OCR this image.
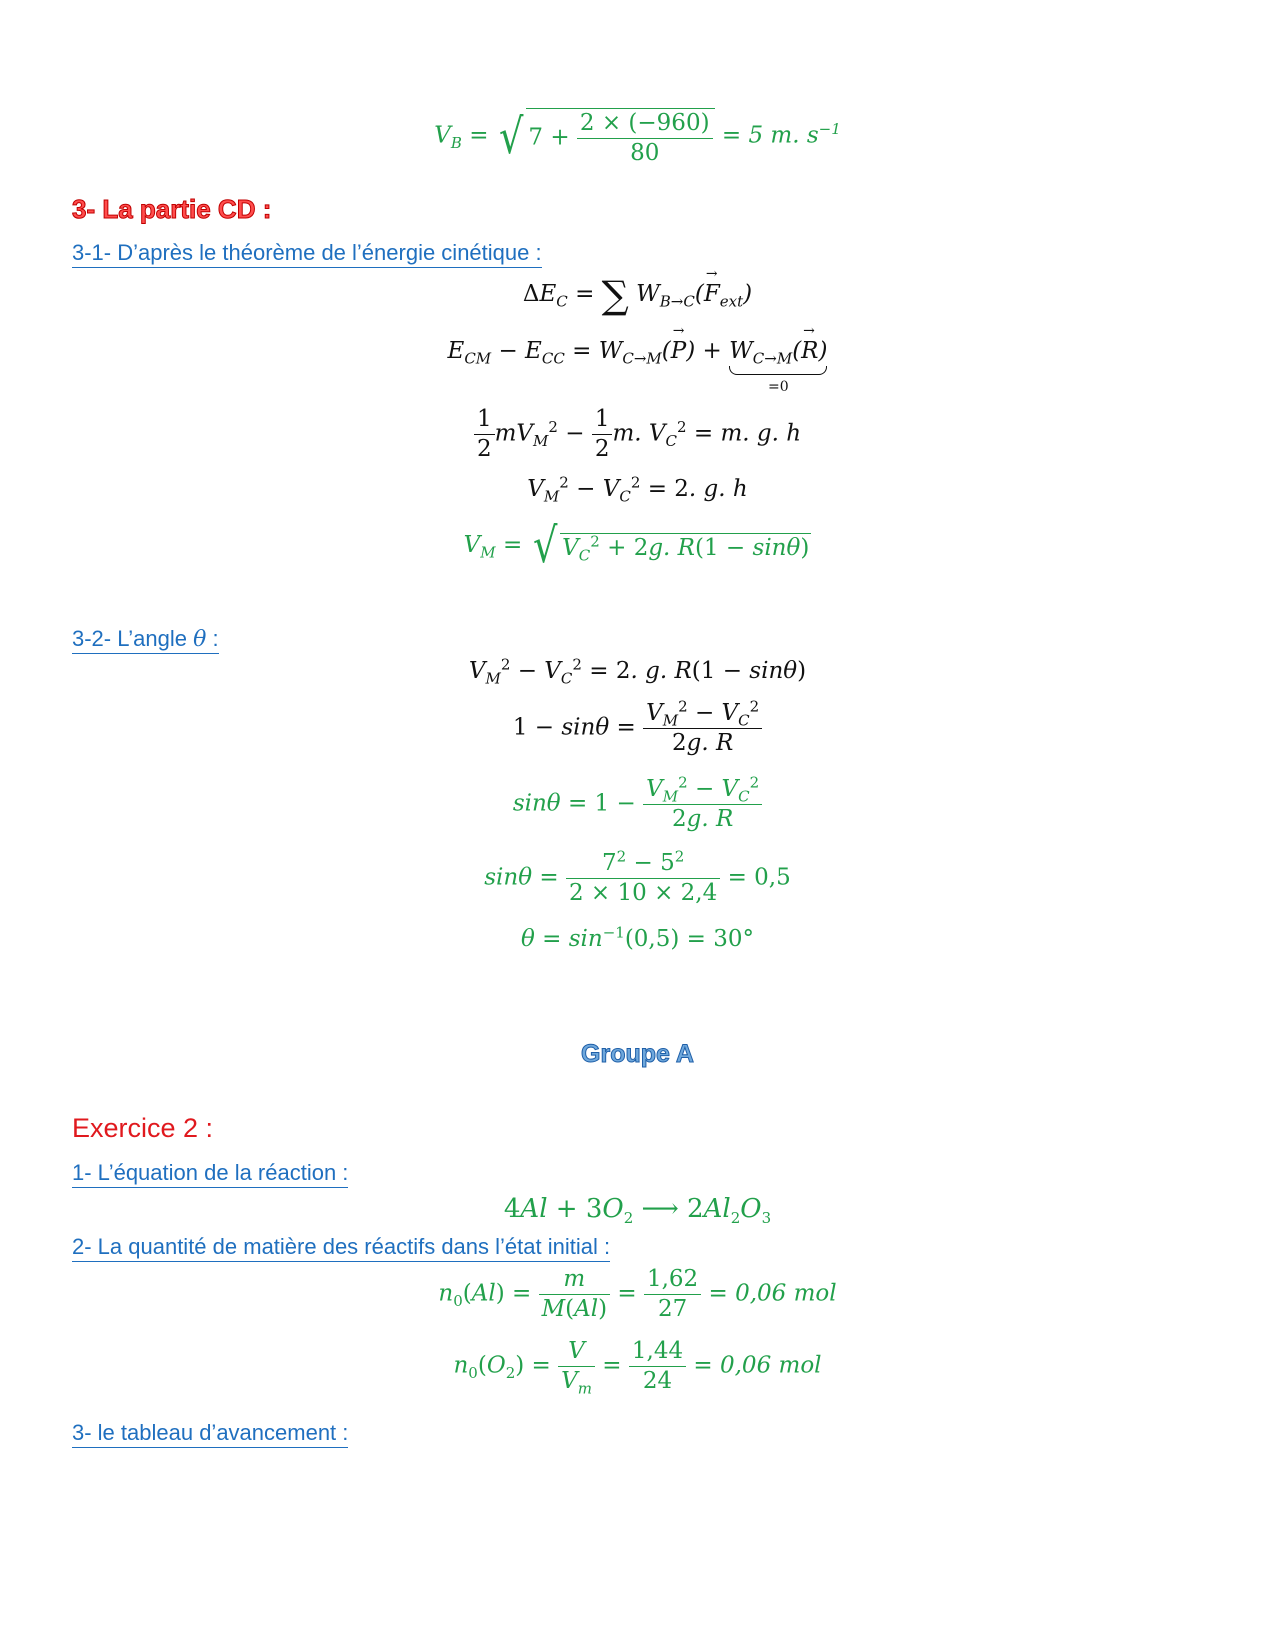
$V_B$ = √ $7 + \frac{2 \times (-960)}{80} = 5$ m. $s^{-1}$
3- La partie CD :
3-1- D’après le théorème de l’énergie cinétique :
$\Delta E_C$ = ∑ $W_{B\to C}(F$
→
$_{ext}$)
$E_{CM} - E_{CC} = W_{C\to M}(P$
→
) + $W_{C\to M}(R$
→
)
=0
$\frac{1}{2} mV_M^2 - \frac{1}{2} m$. $V_C^2 = m$. g. h
$V_M^2 - V_C^2 = 2$. g. h
$V_M$ = √ $V_C^2 + 2g$. R(1 − sinθ)
3-2- L’angle θ :
$V_M^2 - V_C^2 = 2$. g. R(1 − sinθ)
$1 - \sin\theta = \frac{V_M^2 - V_C^2}{2g. R}$
$\sin\theta = 1 - \frac{V_M^2 - V_C^2}{2g. R}$
$\sin\theta = \frac{7^2 - 5^2}{2 \times 10 \times 2,4} = 0,5$
$\theta = \sin^{-1}(0,5) = 30^\circ$
Groupe A
Exercice 2 :
1- L’équation de la réaction :
$4Al + 3O_2$ ⟶ $2Al_2O_3$
2- La quantité de matière des réactifs dans l’état initial :
$n_0(Al) = \frac{m}{M(Al)} = \frac{1,62}{27} = 0,06$ mol
$n_0(O_2) = \frac{V}{V_m} = \frac{1,44}{24} = 0,06$ mol
3- le tableau d’avancement :
